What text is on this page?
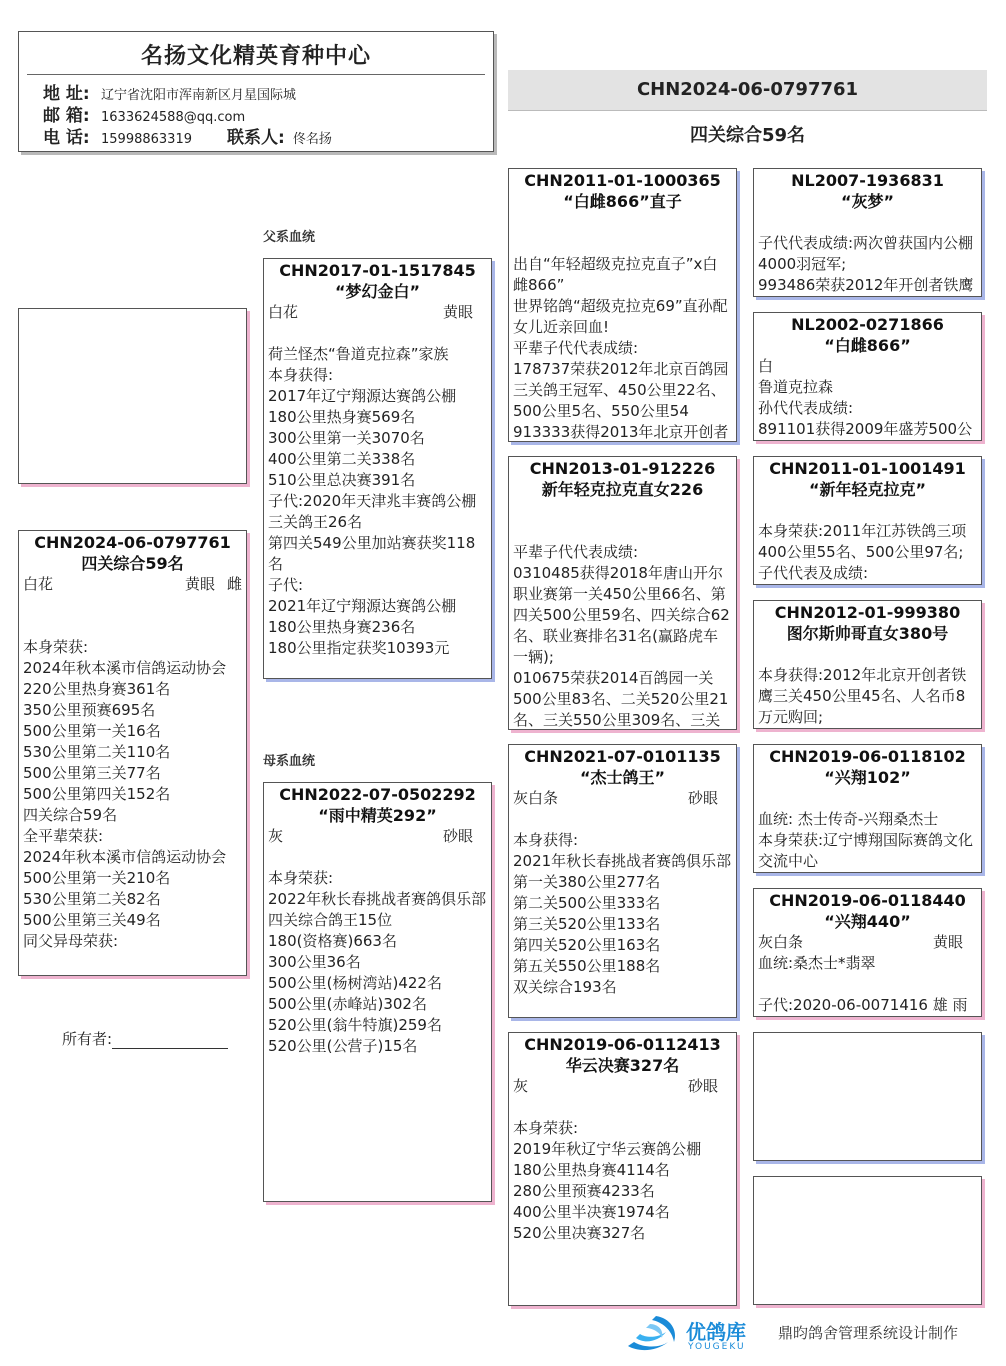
名扬文化精英育种中心
地 址: 辽宁省沈阳市浑南新区月星国际城
邮 箱: 1633624588@qq.com
电 话: 15998863319 联系人: 佟名扬
CHN2024-06-0797761
四关综合59名
CHN2024-06-0797761
四关综合59名
白花	黄眼 雌
本身荣获:
2024年秋本溪市信鸽运动协会
220公里热身赛361名
350公里预赛695名
500公里第一关16名
530公里第二关110名
500公里第三关77名
500公里第四关152名
四关综合59名
全平辈荣获:
2024年秋本溪市信鸽运动协会
500公里第一关210名
530公里第二关82名
500公里第三关49名
同父异母荣获:
所有者:
父系血统
母系血统
CHN2017-01-1517845
“梦幻金白”
白花	黄眼
荷兰怪杰“鲁道克拉森”家族
本身获得:
2017年辽宁翔源达赛鸽公棚
180公里热身赛569名
300公里第一关3070名
400公里第二关338名
510公里总决赛391名
子代:2020年天津兆丰赛鸽公棚
三关鸽王26名
第四关549公里加站赛获奖118名
子代:
2021年辽宁翔源达赛鸽公棚
180公里热身赛236名
180公里指定获奖10393元
CHN2022-07-0502292
“雨中精英292”
灰	砂眼
本身荣获:
2022年秋长春挑战者赛鸽俱乐部四关综合鸽王15位
180(资格赛)663名
300公里36名
500公里(杨树湾站)422名
500公里(赤峰站)302名
520公里(翁牛特旗)259名
520公里(公营子)15名
CHN2011-01-1000365
“白雌866”直子
出自“年轻超级克拉克直子”x白雌866”
世界铭鸽“超级克拉克69”直孙配女儿近亲回血!
平辈子代代表成绩:
178737荣获2012年北京百鸽园三关鸽王冠军、450公里22名、500公里5名、550公里54
913333获得2013年北京开创者
CHN2013-01-912226
新年轻克拉克直女226
平辈子代代表成绩:
0310485获得2018年唐山开尔职业赛第一关450公里66名、第四关500公里59名、四关综合62名、联业赛排名31名(赢路虎车一辆);
010675荣获2014百鸽园一关500公里83名、二关520公里21名、三关550公里309名、三关
CHN2021-07-0101135
“杰士鸽王”
灰白条	砂眼
本身获得:
2021年秋长春挑战者赛鸽俱乐部
第一关380公里277名
第二关500公里333名
第三关520公里133名
第四关520公里163名
第五关550公里188名
双关综合193名
CHN2019-06-0112413
华云决赛327名
灰	砂眼
本身荣获:
2019年秋辽宁华云赛鸽公棚
180公里热身赛4114名
280公里预赛4233名
400公里半决赛1974名
520公里决赛327名
NL2007-1936831
“灰梦”
子代代表成绩:两次曾获国内公棚4000羽冠军;
993486荣获2012年开创者铁鹰
NL2002-0271866
“白雌866”
白
鲁道克拉森
孙代代表成绩:
891101获得2009年盛芳500公
CHN2011-01-1001491
“新年轻克拉克”
本身荣获:2011年江苏铁鸽三项400公里55名、500公里97名;
子代代表及成绩:
CHN2012-01-999380
图尔斯帅哥直女380号
本身获得:2012年北京开创者铁鹰三关450公里45名、人名币8万元购回;
CHN2019-06-0118102
“兴翔102”
血统: 杰士传奇-兴翔桑杰士
本身荣获:辽宁博翔国际赛鸽文化交流中心
CHN2019-06-0118440
“兴翔440”
灰白条	黄眼
血统:桑杰士*翡翠

子代:2020-06-0071416 雄 雨
优鸽库
YOUGEKU
鼎昀鸽舍管理系统设计制作
